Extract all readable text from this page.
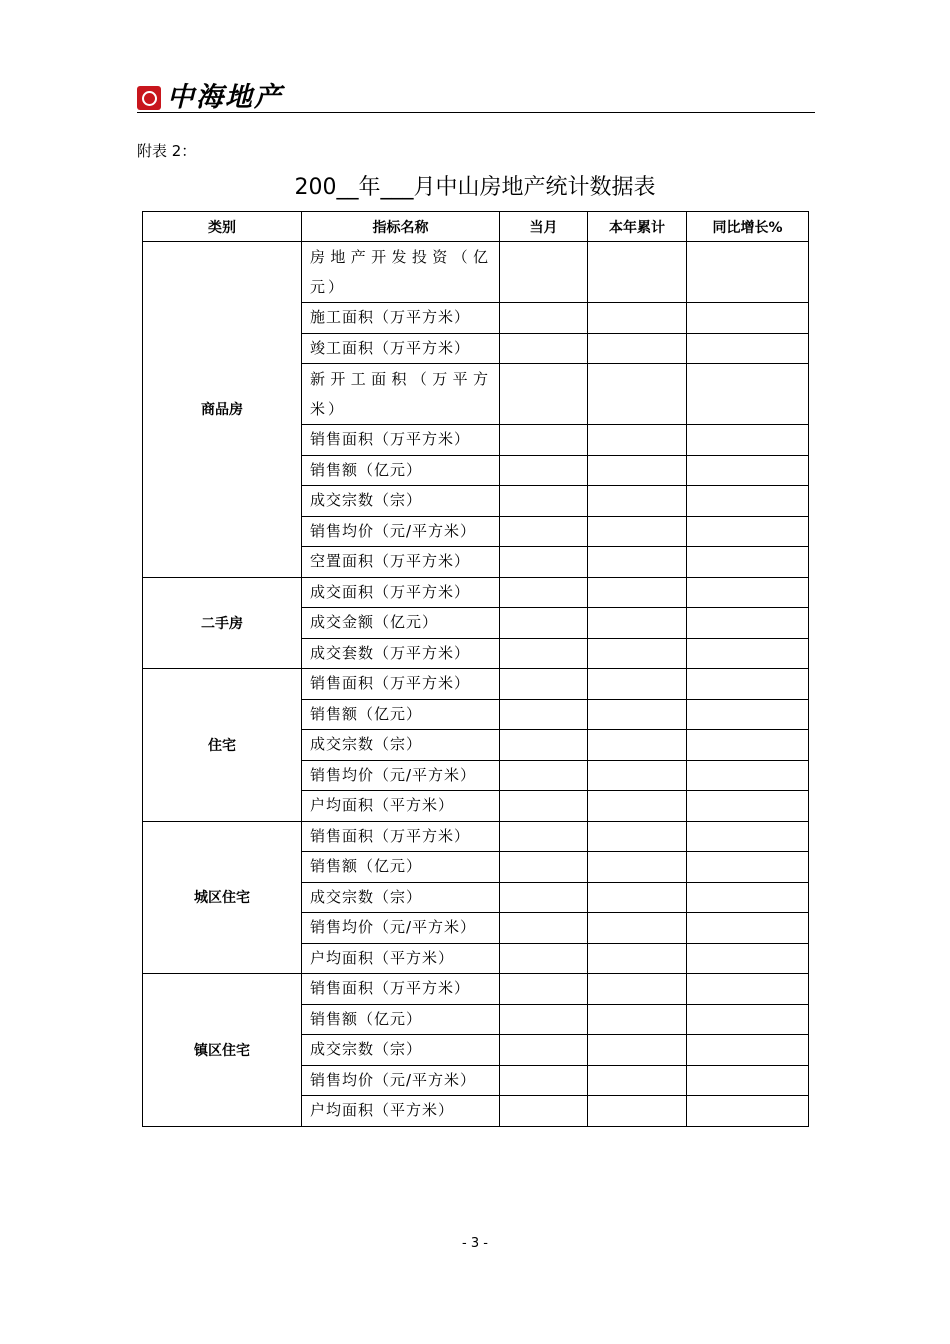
中海地产
附表 2：
200__年___月中山房地产统计数据表
类别	指标名称	当月	本年累计	同比增长%
商品房	房地产开发投资（亿元）			
	施工面积（万平方米）			
	竣工面积（万平方米）			
	新开工面积（万平方米）			
	销售面积（万平方米）			
	销售额（亿元）			
	成交宗数（宗）			
	销售均价（元/平方米）			
	空置面积（万平方米）			
二手房	成交面积（万平方米）			
	成交金额（亿元）			
	成交套数（万平方米）			
住宅	销售面积（万平方米）			
	销售额（亿元）			
	成交宗数（宗）			
	销售均价（元/平方米）			
	户均面积（平方米）			
城区住宅	销售面积（万平方米）			
	销售额（亿元）			
	成交宗数（宗）			
	销售均价（元/平方米）			
	户均面积（平方米）			
镇区住宅	销售面积（万平方米）			
	销售额（亿元）			
	成交宗数（宗）			
	销售均价（元/平方米）			
	户均面积（平方米）			
- 3 -
